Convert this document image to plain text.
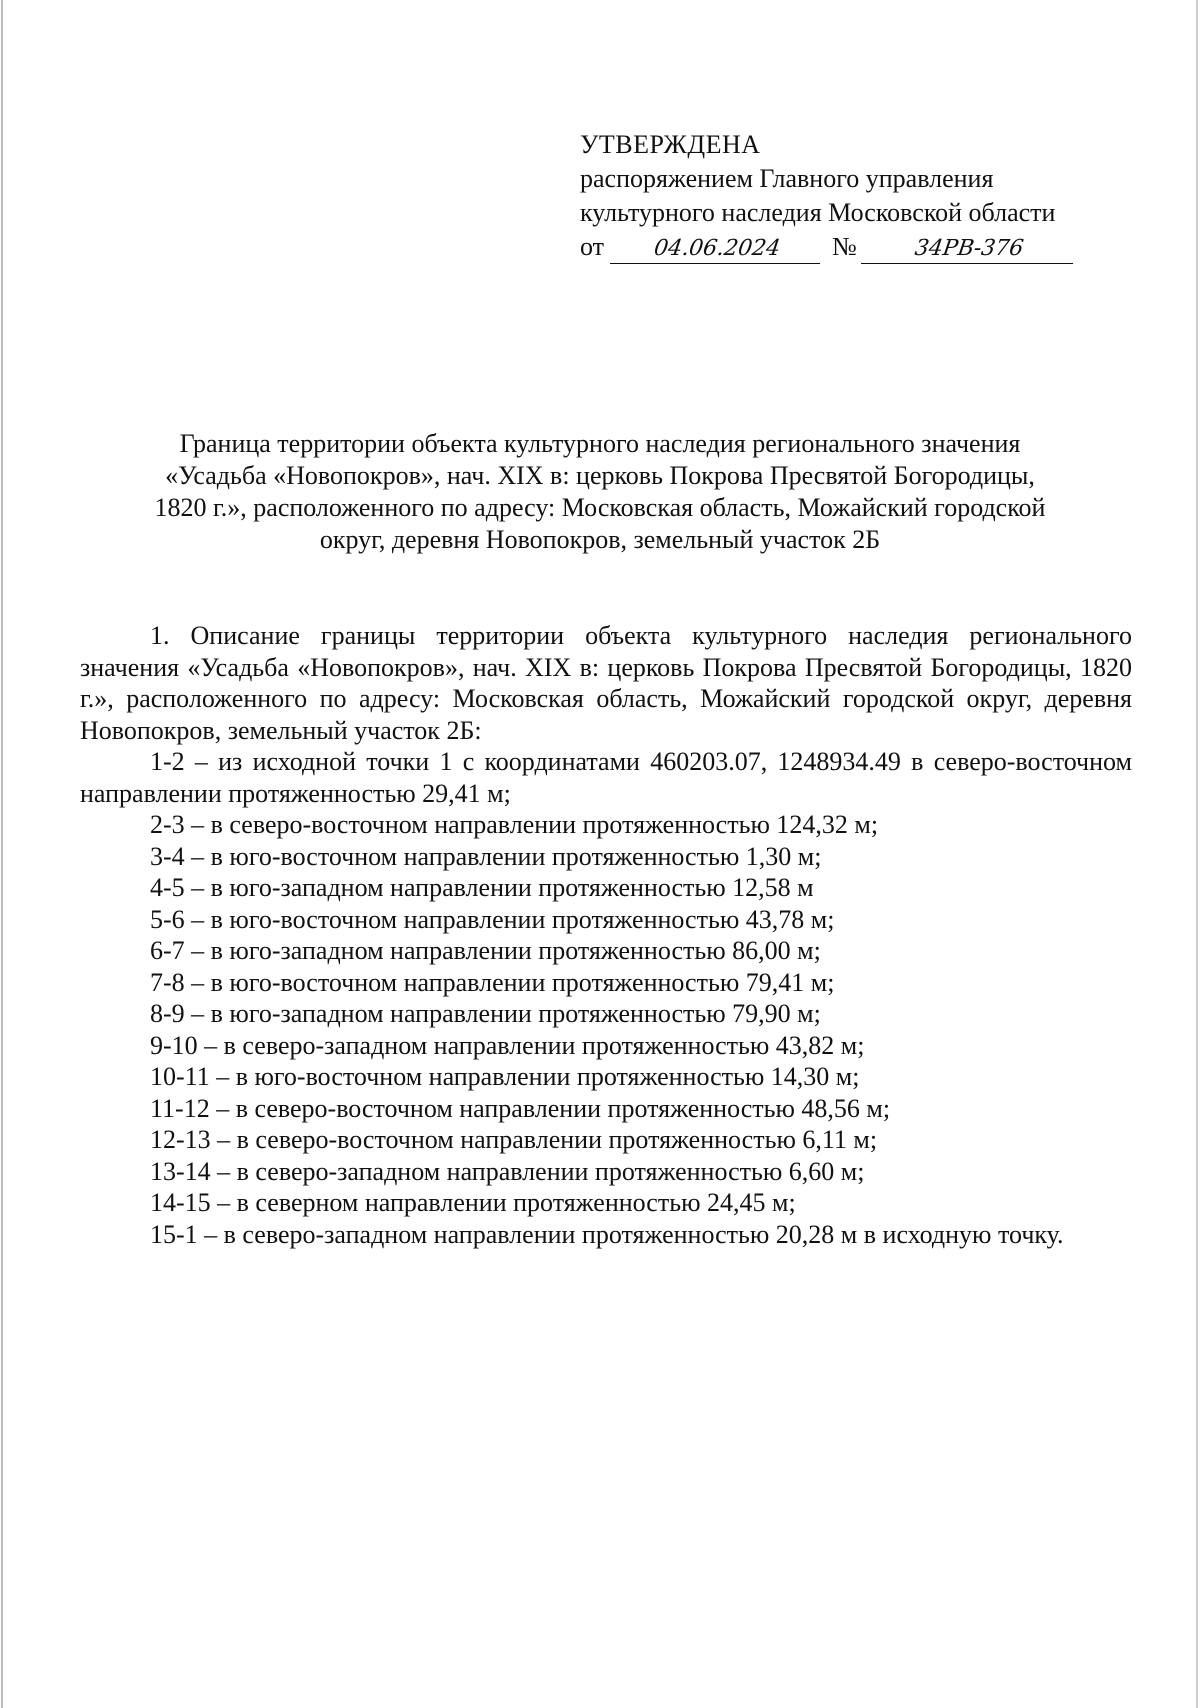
УТВЕРЖДЕНА
распоряжением Главного управления
культурного наследия Московской области
от 04.06.2024 №	34РВ-376
Граница территории объекта культурного наследия регионального значения
«Усадьба «Новопокров», нач. XIX в: церковь Покрова Пресвятой Богородицы,
1820 г.», расположенного по адресу: Московская область, Можайский городской
округ, деревня Новопокров, земельный участок 2Б

1. Описание границы территории объекта культурного наследия регионального значения «Усадьба «Новопокров», нач. XIX в: церковь Покрова Пресвятой Богородицы, 1820 г.», расположенного по адресу: Московская область, Можайский городской округ, деревня Новопокров, земельный участок 2Б:

1-2 – из исходной точки 1 с координатами 460203.07, 1248934.49 в северо-восточном направлении протяженностью 29,41 м;

2-3 – в северо-восточном направлении протяженностью 124,32 м;

3-4 – в юго-восточном направлении протяженностью 1,30 м;

4-5 – в юго-западном направлении протяженностью 12,58 м

5-6 – в юго-восточном направлении протяженностью 43,78 м;

6-7 – в юго-западном направлении протяженностью 86,00 м;

7-8 – в юго-восточном направлении протяженностью 79,41 м;

8-9 – в юго-западном направлении протяженностью 79,90 м;

9-10 – в северо-западном направлении протяженностью 43,82 м;

10-11 – в юго-восточном направлении протяженностью 14,30 м;

11-12 – в северо-восточном направлении протяженностью 48,56 м;

12-13 – в северо-восточном направлении протяженностью 6,11 м;

13-14 – в северо-западном направлении протяженностью 6,60 м;

14-15 – в северном направлении протяженностью 24,45 м;

15-1 – в северо-западном направлении протяженностью 20,28 м в исходную точку.
